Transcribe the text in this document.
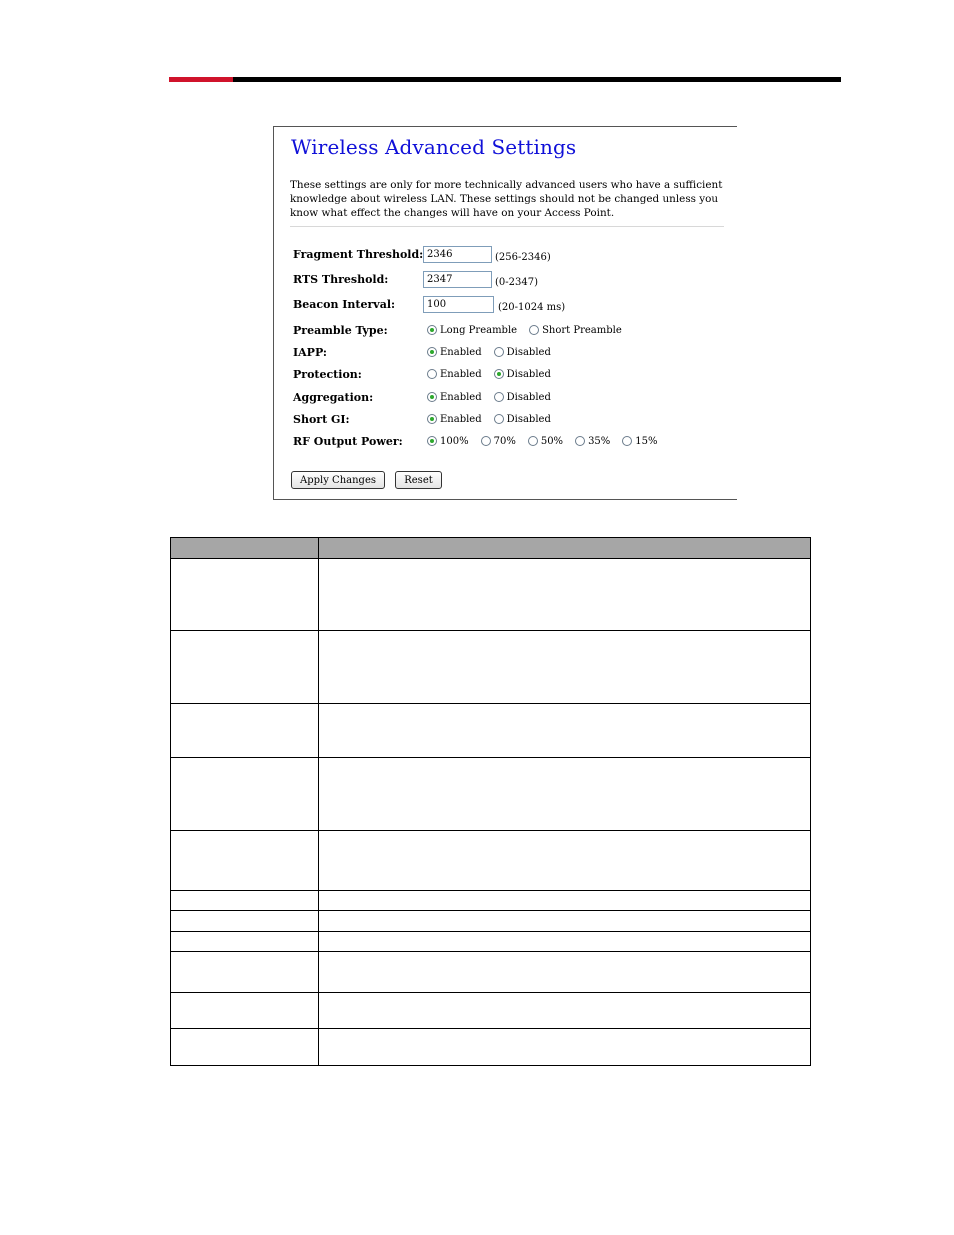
Wireless Advanced Settings
These settings are only for more technically advanced users who have a sufficient knowledge about wireless LAN. These settings should not be changed unless you know what effect the changes will have on your Access Point.
Fragment Threshold:
2346	(256-2346)
RTS Threshold:
2347	(0-2347)
Beacon Interval:
100	(20-1024 ms)
Preamble Type:	Long Preamble	Short Preamble
IAPP:	Enabled	Disabled
Protection:	Enabled	Disabled
Aggregation:	Enabled	Disabled
Short GI:	Enabled	Disabled
RF Output Power:	100%	70%	50%	35%	15%
Apply Changes	Reset
